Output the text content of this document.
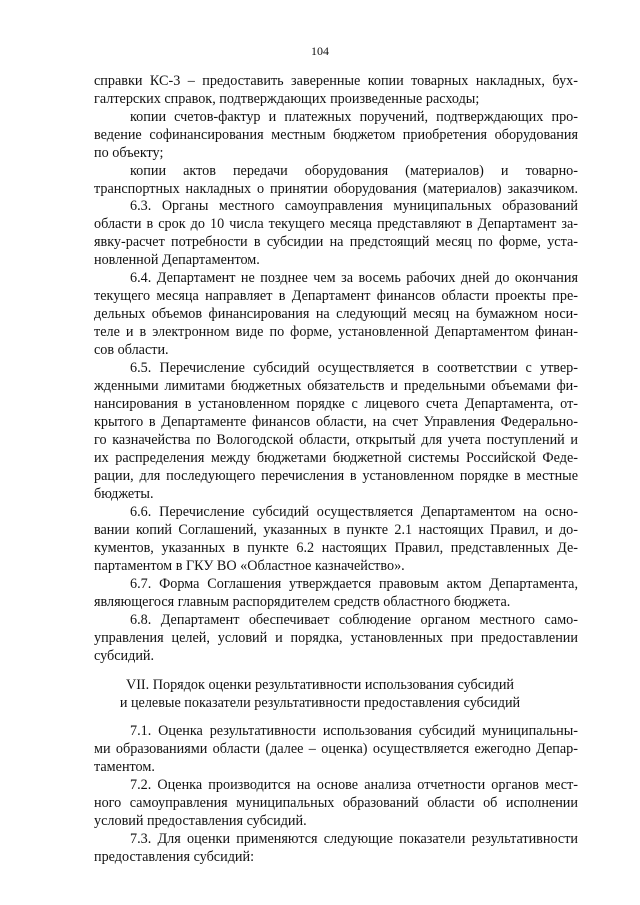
104
справки КС-3 – предоставить заверенные копии товарных накладных, бух-
галтерских справок, подтверждающих произведенные расходы;
копии счетов-фактур и платежных поручений, подтверждающих про-
ведение софинансирования местным бюджетом приобретения оборудования
по объекту;
копии актов передачи оборудования (материалов) и товарно-
транспортных накладных о принятии оборудования (материалов) заказчиком.
6.3. Органы местного самоуправления муниципальных образований
области в срок до 10 числа текущего месяца представляют в Департамент за-
явку-расчет потребности в субсидии на предстоящий месяц по форме, уста-
новленной Департаментом.
6.4. Департамент не позднее чем за восемь рабочих дней до окончания
текущего месяца направляет в Департамент финансов области проекты пре-
дельных объемов финансирования на следующий месяц на бумажном носи-
теле и в электронном виде по форме, установленной Департаментом финан-
сов области.
6.5. Перечисление субсидий осуществляется в соответствии с утвер-
жденными лимитами бюджетных обязательств и предельными объемами фи-
нансирования в установленном порядке с лицевого счета Департамента, от-
крытого в Департаменте финансов области, на счет Управления Федерально-
го казначейства по Вологодской области, открытый для учета поступлений и
их распределения между бюджетами бюджетной системы Российской Феде-
рации, для последующего перечисления в установленном порядке в местные
бюджеты.
6.6. Перечисление субсидий осуществляется Департаментом на осно-
вании копий Соглашений, указанных в пункте 2.1 настоящих Правил, и до-
кументов, указанных в пункте 6.2 настоящих Правил, представленных Де-
партаментом в ГКУ ВО «Областное казначейство».
6.7. Форма Соглашения утверждается правовым актом Департамента,
являющегося главным распорядителем средств областного бюджета.
6.8. Департамент обеспечивает соблюдение органом местного само-
управления целей, условий и порядка, установленных при предоставлении
субсидий.
VII. Порядок оценки результативности использования субсидий
и целевые показатели результативности предоставления субсидий
7.1. Оценка результативности использования субсидий муниципальны-
ми образованиями области (далее – оценка) осуществляется ежегодно Депар-
таментом.
7.2. Оценка производится на основе анализа отчетности органов мест-
ного самоуправления муниципальных образований области об исполнении
условий предоставления субсидий.
7.3. Для оценки применяются следующие показатели результативности
предоставления субсидий:
